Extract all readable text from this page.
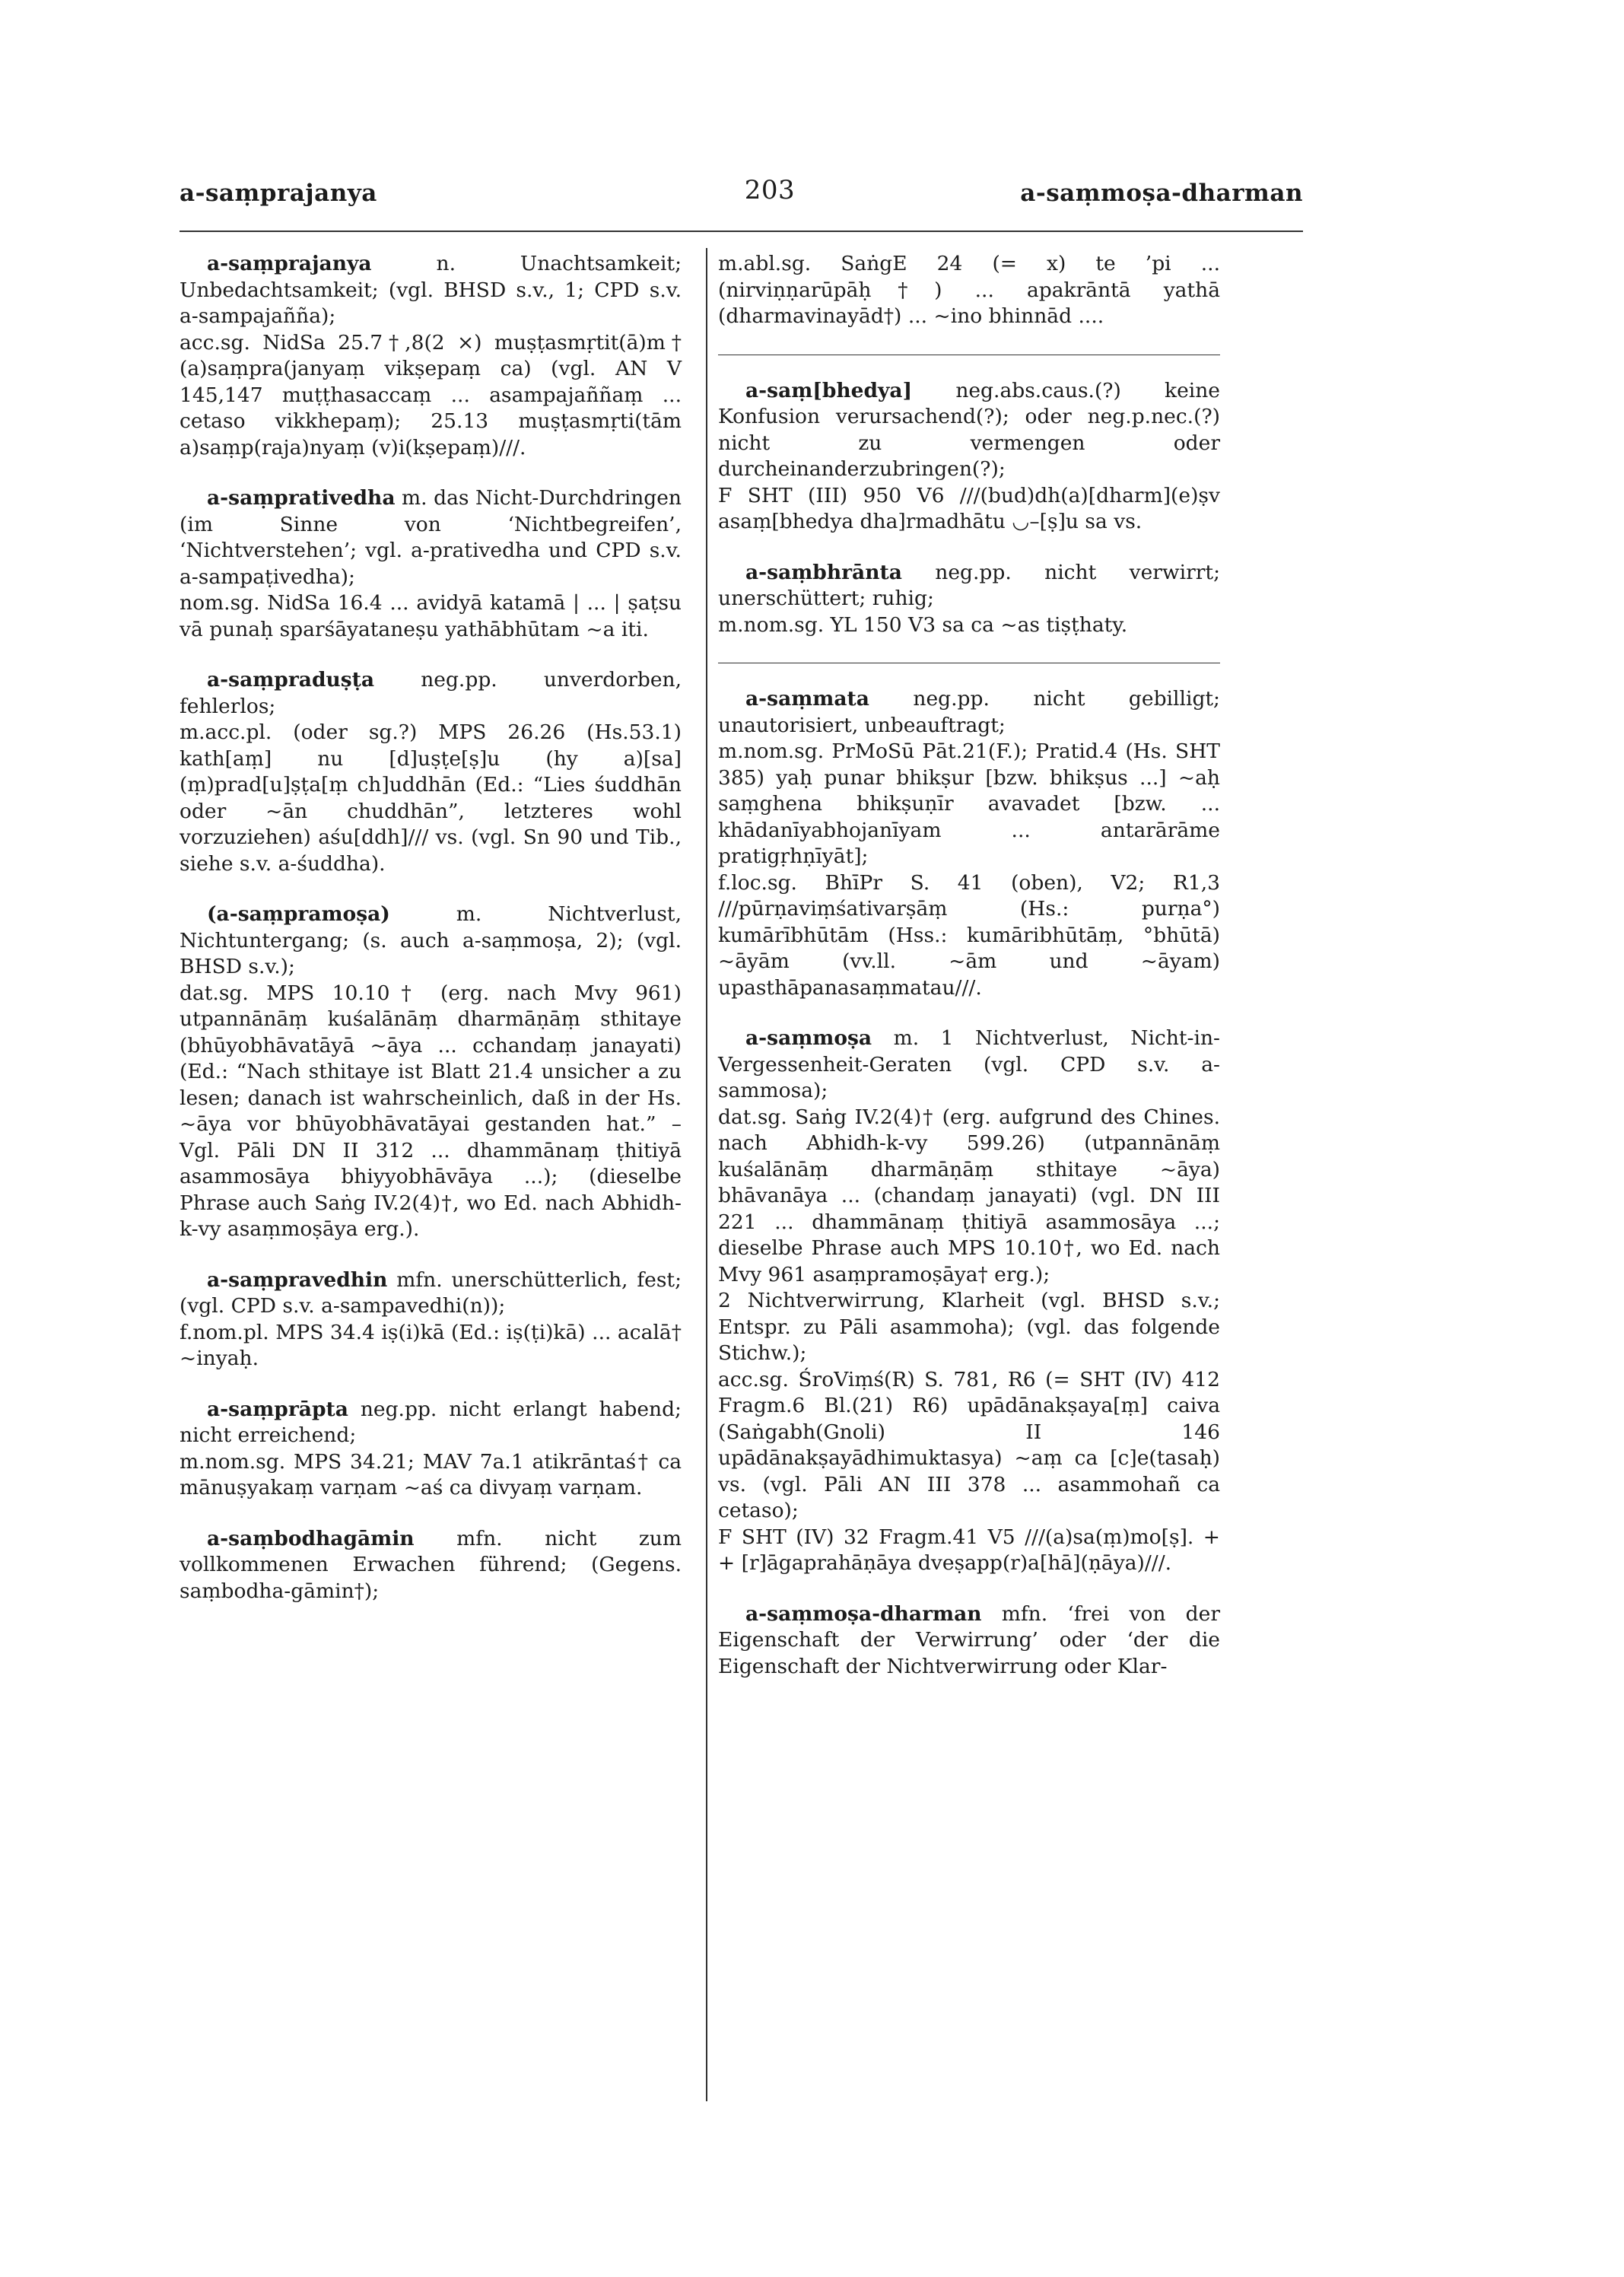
a-saṃprajanya	203	a-saṃmoṣa-dharman

a-saṃprajanya	n. Unachtsamkeit; Unbedachtsamkeit; (vgl. BHSD s.v., 1; CPD s.v. a-sampajañña);

acc.sg. NidSa 25.7†,8(2 ×) muṣṭasmṛtit(ā)m† (a)saṃpra(janyaṃ vikṣepaṃ ca) (vgl. AN V 145,147 muṭṭhasaccaṃ ... asampajaññaṃ ... cetaso vikkhepaṃ); 25.13 muṣṭasmṛti(tām a)saṃp(raja)nyaṃ (v)i(kṣepaṃ)///.

a-saṃprativedha m. das Nicht-Durchdringen (im Sinne von ‘Nichtbegreifen’, ‘Nichtverstehen’; vgl. a-prativedha und CPD s.v. a-sampaṭivedha);

nom.sg. NidSa 16.4 ... avidyā katamā | ... | ṣaṭsu vā punaḥ sparśāyataneṣu yathābhūtam ~a iti.

a-saṃpraduṣṭa neg.pp. unverdorben, fehlerlos;

m.acc.pl. (oder sg.?) MPS 26.26 (Hs.53.1) kath[aṃ] nu [d]uṣṭe[ṣ]u (hy a)[sa](ṃ)prad[u]ṣṭa[ṃ ch]uddhān (Ed.: “Lies śuddhān oder ~ān chuddhān”, letzteres wohl vorzuziehen) aśu[ddh]/// vs. (vgl. Sn 90 und Tib., siehe s.v. a-śuddha).

(a-saṃpramoṣa)	m. Nichtverlust, Nichtuntergang; (s. auch a-saṃmoṣa, 2); (vgl. BHSD s.v.);

dat.sg. MPS 10.10† (erg. nach Mvy 961) utpannānāṃ kuśalānāṃ dharmāṇāṃ sthitaye (bhūyobhāvatāyā ~āya ... cchandaṃ janayati) (Ed.: “Nach sthitaye ist Blatt 21.4 unsicher a zu lesen; danach ist wahrscheinlich, daß in der Hs. ~āya vor bhūyobhāvatāyai gestanden hat.” – Vgl. Pāli DN II 312 ... dhammānaṃ ṭhitiyā asammosāya bhiyyobhāvāya ...); (dieselbe Phrase auch Saṅg IV.2(4)†, wo Ed. nach Abhidh-k-vy asaṃmoṣāya erg.).

a-saṃpravedhin mfn. unerschütterlich, fest; (vgl. CPD s.v. a-sampavedhi(n));

f.nom.pl. MPS 34.4 iṣ(i)kā (Ed.: iṣ(ṭi)kā) ... acalā† ~inyaḥ.

a-saṃprāpta neg.pp. nicht erlangt habend; nicht erreichend;

m.nom.sg. MPS 34.21; MAV 7a.1 atikrāntaś† ca mānuṣyakaṃ varṇam ~aś ca divyaṃ varṇam.

a-saṃbodhagāmin mfn. nicht zum vollkommenen Erwachen führend; (Gegens. saṃbodha-gāmin†);

m.abl.sg. SaṅgE 24 (= x) te ’pi ... (nirviṇṇarūpāḥ†) ... apakrāntā yathā (dharmavinayād†) ... ~ino bhinnād ....

a-saṃ[bhedya] neg.abs.caus.(?) keine Konfusion verursachend(?); oder neg.p.nec.(?) nicht zu vermengen oder durcheinanderzubringen(?);

F SHT (III) 950 V6 ///(bud)dh(a)[dharm](e)ṣv asaṃ[bhedya dha]rmadhātu ◡–[ṣ]u sa vs.

a-saṃbhrānta neg.pp. nicht verwirrt; unerschüttert; ruhig;

m.nom.sg. YL 150 V3 sa ca ~as tiṣṭhaty.

a-saṃmata neg.pp. nicht gebilligt; unautorisiert, unbeauftragt;

m.nom.sg. PrMoSū Pāt.21(F.); Pratid.4 (Hs. SHT 385) yaḥ punar bhikṣur [bzw. bhikṣus ...] ~aḥ saṃghena bhikṣuṇīr avavadet [bzw. ... khādanīyabhojanīyam ... antarārāme pratigṛhṇīyāt];

f.loc.sg. BhīPr S. 41 (oben), V2; R1,3 ///pūrṇaviṃśativarṣāṃ (Hs.: purṇa°) kumārībhūtām (Hss.: kumāribhūtāṃ, °bhūtā) ~āyām (vv.ll. ~ām und ~āyam) upasthāpanasaṃmatau///.

a-saṃmoṣa m. 1 Nichtverlust, Nicht-in-Vergessenheit-Geraten (vgl. CPD s.v. a-sammosa);

dat.sg. Saṅg IV.2(4)† (erg. aufgrund des Chines. nach Abhidh-k-vy 599.26) (utpannānāṃ kuśalānāṃ dharmāṇāṃ sthitaye ~āya) bhāvanāya ... (chandaṃ janayati) (vgl. DN III 221 ... dhammānaṃ ṭhitiyā asammosāya ...; dieselbe Phrase auch MPS 10.10†, wo Ed. nach Mvy 961 asaṃpramoṣāya† erg.);

2 Nichtverwirrung, Klarheit (vgl. BHSD s.v.; Entspr. zu Pāli asammoha); (vgl. das folgende Stichw.);

acc.sg. ŚroViṃś(R) S. 781, R6 (= SHT (IV) 412 Fragm.6 Bl.(21) R6) upādānakṣaya[ṃ] caiva (Saṅgabh(Gnoli) II 146 upādānakṣayādhimuktasya) ~aṃ ca [c]e(tasaḥ) vs. (vgl. Pāli AN III 378 ... asammohañ ca cetaso);

F SHT (IV) 32 Fragm.41 V5 ///(a)sa(ṃ)mo[ṣ]. + + [r]āgaprahāṇāya dveṣapp(r)a[hā](ṇāya)///.

a-saṃmoṣa-dharman mfn. ‘frei von der Eigenschaft der Verwirrung’ oder ‘der die Eigenschaft der Nichtverwirrung oder Klar-
